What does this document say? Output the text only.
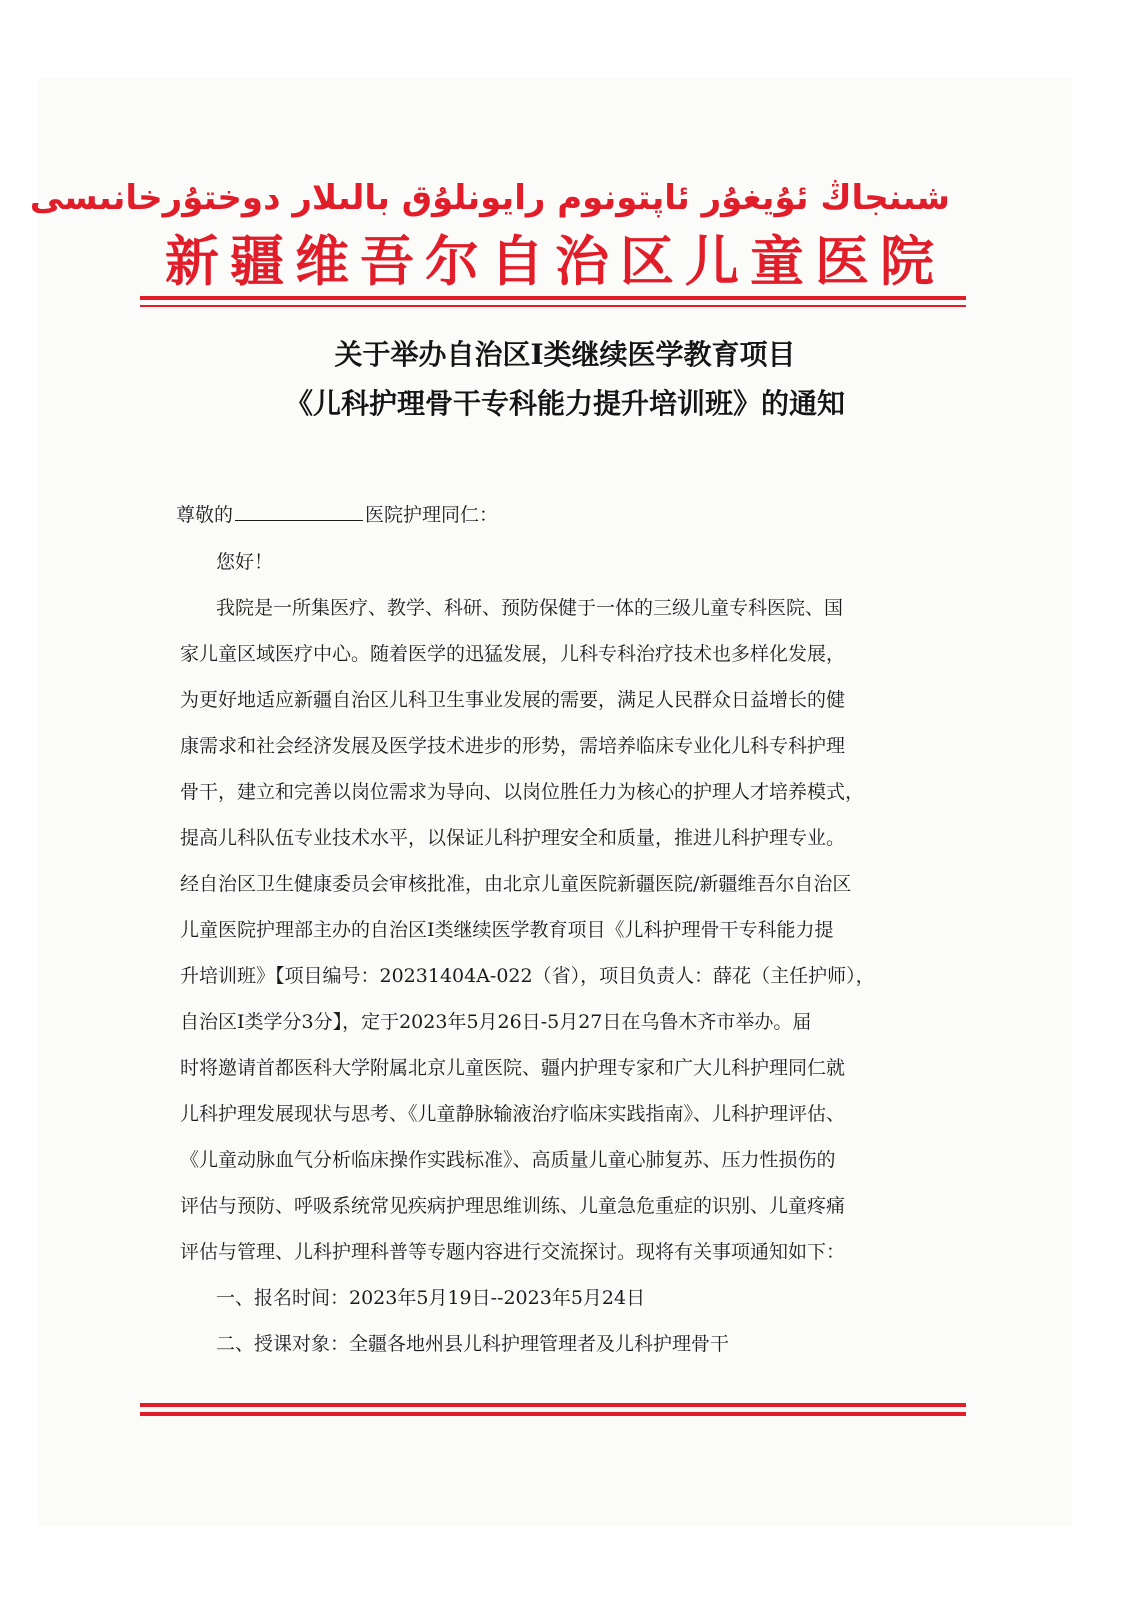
شىنجاڭ ئۇيغۇر ئاپتونوم رايونلۇق بالىلار دوختۇرخانىسى
新疆维吾尔自治区儿童医院
关于举办自治区Ⅰ类继续医学教育项目
《儿科护理骨干专科能力提升培训班》的通知
尊敬的	医院护理同仁：
您好！
我院是一所集医疗、教学、科研、预防保健于一体的三级儿童专科医院、国
家儿童区域医疗中心。随着医学的迅猛发展，儿科专科治疗技术也多样化发展，
为更好地适应新疆自治区儿科卫生事业发展的需要，满足人民群众日益增长的健
康需求和社会经济发展及医学技术进步的形势，需培养临床专业化儿科专科护理
骨干，建立和完善以岗位需求为导向、以岗位胜任力为核心的护理人才培养模式，
提高儿科队伍专业技术水平，以保证儿科护理安全和质量，推进儿科护理专业。
经自治区卫生健康委员会审核批准，由北京儿童医院新疆医院/新疆维吾尔自治区
儿童医院护理部主办的自治区Ⅰ类继续医学教育项目《儿科护理骨干专科能力提
升培训班》【项目编号：20231404A-022（省），项目负责人：薛花（主任护师），
自治区Ⅰ类学分3分】，定于2023年5月26日-5月27日在乌鲁木齐市举办。届
时将邀请首都医科大学附属北京儿童医院、疆内护理专家和广大儿科护理同仁就
儿科护理发展现状与思考、《儿童静脉输液治疗临床实践指南》、儿科护理评估、
《儿童动脉血气分析临床操作实践标准》、高质量儿童心肺复苏、压力性损伤的
评估与预防、呼吸系统常见疾病护理思维训练、儿童急危重症的识别、儿童疼痛
评估与管理、儿科护理科普等专题内容进行交流探讨。现将有关事项通知如下：
一、报名时间：2023年5月19日--2023年5月24日
二、授课对象：全疆各地州县儿科护理管理者及儿科护理骨干
